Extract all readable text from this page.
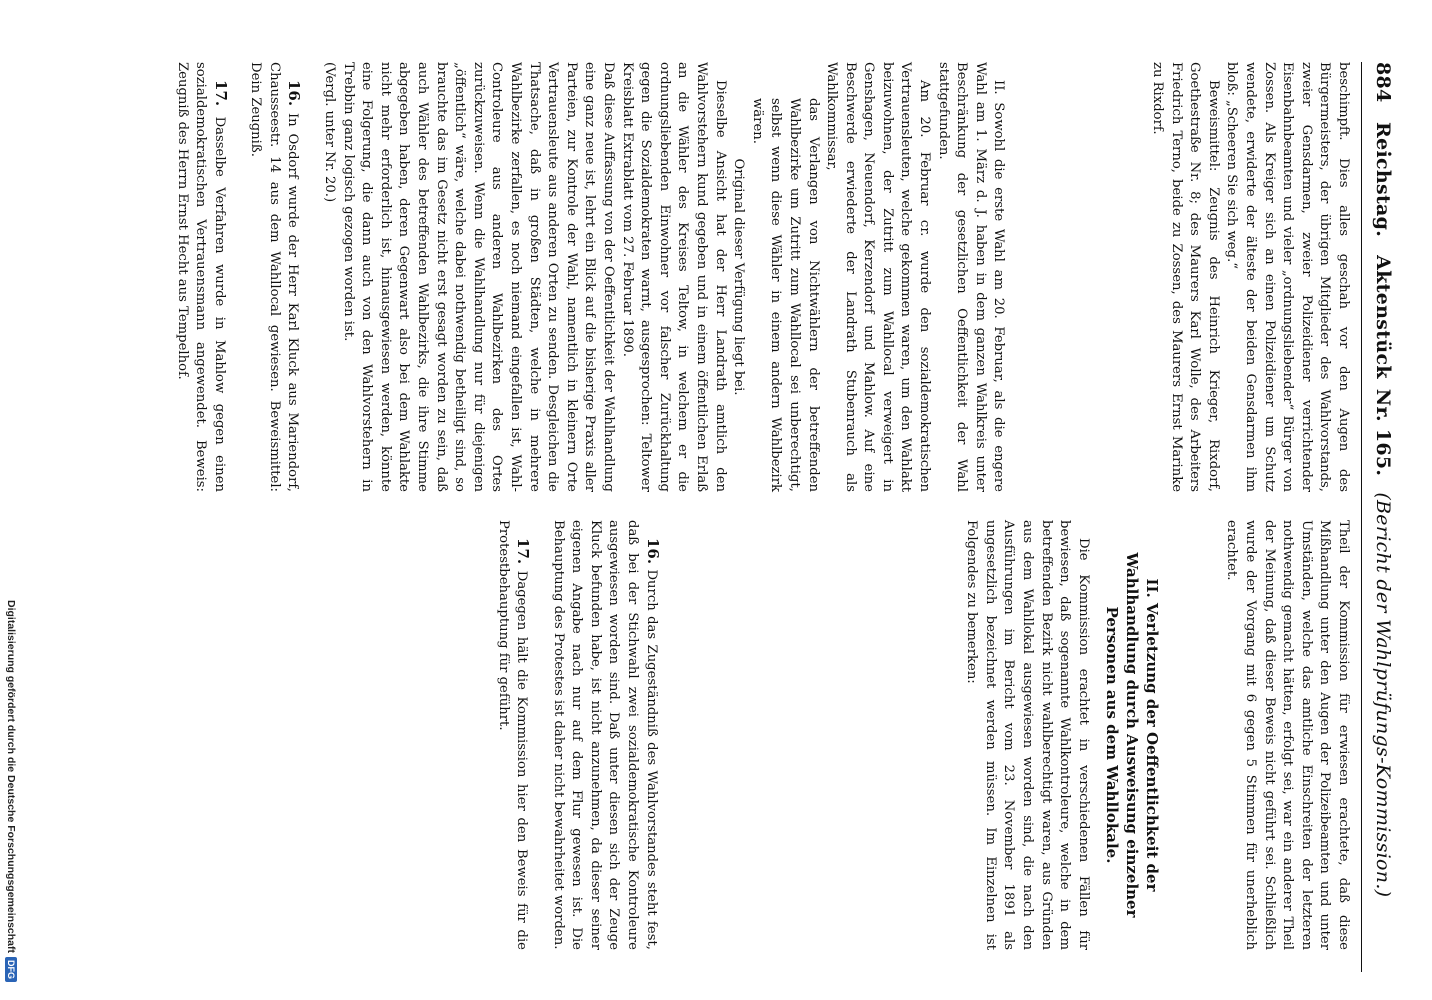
884
Reichstag.
Aktenstück
Nr. 165.
(Bericht der Wahlprüfungs-Kommission.)

beschimpft. Dies alles geschah vor den Augen des Bürgermeisters, der übrigen Mitglieder des Wahlvorstands, zweier Gensdarmen, zweier Polizeidiener verrichtender Eisenbahnbeamten und vieler „ordnungsliebender“ Bürger von Zossen. Als Kreiger sich an einen Polizeidiener um Schutz wendete, erwiderte der älteste der beiden Gensdarmen ihm bloß: „Scheeren Sie sich weg.“

Beweismittel: Zeugnis des Heinrich Krieger, Rixdorf, Goethestraße Nr. 8; des Maurers Karl Wolle, des Arbeiters Friedrich Terno, beide zu Zossen, des Maurers Ernst Marinke zu Rixdorf.

II. Sowohl die erste Wahl am 20. Februar, als die engere Wahl am 1. März d. J. haben in dem ganzen Wahlkreis unter Beschränkung der gesetzlichen Oeffentlichkeit der Wahl stattgefunden.

Am 20. Februar cr. wurde den sozialdemokratischen Vertrauensleuten, welche gekommen waren, um den Wahlakt beizuwohnen, der Zutritt zum Wahllocal verweigert in Genshagen, Neuendorf, Kerzendorf und Mahlow. Auf eine Beschwerde erwiederte der Landrath Stubenrauch als Wahlkommissar,

das Verlangen von Nichtwählern der betreffenden Wahlbezirke um Zutritt zum Wahllocal sei unberechtigt, selbst wenn diese Wähler in einem andern Wahlbezirk wären.

Original dieser Verfügung liegt bei.

Dieselbe Ansicht hat der Herr Landrath amtlich den Wahlvorstehern kund gegeben und in einem öffentlichen Erlaß an die Wähler des Kreises Teltow, in welchem er die ordnungsliebenden Einwohner vor falscher Zurückhaltung gegen die Sozialdemokraten warnt, ausgesprochen: Teltower Kreisblatt Extrablatt vom 27. Februar 1890.

Daß diese Auffassung von der Oeffentlichkeit der Wahlhandlung eine ganz neue ist, lehrt ein Blick auf die bisherige Praxis aller Parteien, zur Kontrole der Wahl, namentlich in kleinern Orte Vertrauensleute aus anderen Orten zu senden. Desgleichen die Thatsache, daß in großen Städten, welche in mehrere Wahlbezirke zerfallen, es noch niemand eingefallen ist, Wahl-Controleure aus anderen Wahlbezirken des Ortes zurückzuweisen. Wenn die Wahlhandlung nur für diejenigen „öffentlich“ wäre, welche dabei nothwendig betheiligt sind, so brauchte das im Gesetz nicht erst gesagt worden zu sein, daß auch Wähler des betreffenden Wahlbezirks, die ihre Stimme abgegeben haben, deren Gegenwart also bei dem Wahlakte nicht mehr erforderlich ist, hinausgewiesen werden, könnte eine Folgerung, die dann auch von den Wahlvorstehern in Trebbin ganz logisch gezogen worden ist.

(Vergl. unter Nr. 20.)

16. In Osdorf wurde der Herr Karl Kluck aus Mariendorf, Chausseestr. 14 aus dem Wahllocal gewiesen. Beweismittel: Dein Zeugniß.

17. Dasselbe Verfahren wurde in Mahlow gegen einen sozialdemokratischen Vertrauensmann angewendet. Beweis: Zeugniß des Herrn Ernst Hecht aus Tempelhof.

Theil der Kommission für erwiesen erachtete, daß diese Mißhandlung unter den Augen der Polizeibeamten und unter Umständen, welche das amtliche Einschreiten der letzteren nothwendig gemacht hätten, erfolgt sei, war ein anderer Theil der Meinung, daß dieser Beweis nicht geführt sei. Schließlich wurde der Vorgang mit 6 gegen 5 Stimmen für unerheblich erachtet.

II. Verletzung der Oeffentlichkeit der Wahlhandlung durch Ausweisung einzelner Personen aus dem Wahllokale.

Die Kommission erachtet in verschiedenen Fällen für bewiesen, daß sogenannte Wahlkontroleure, welche in dem betreffenden Bezirk nicht wahlberechtigt waren, aus Gründen aus dem Wahllokal ausgewiesen worden sind, die nach den Ausführungen im Bericht vom 23. November 1891 als ungesetzlich bezeichnet werden müssen. Im Einzelnen ist Folgendes zu bemerken:

16. Durch das Zugeständniß des Wahlvorstandes steht fest, daß bei der Stichwahl zwei sozialdemokratische Kontroleure ausgewiesen worden sind. Daß unter diesen sich der Zeuge Kluck befunden habe, ist nicht anzunehmen, da dieser seiner eigenen Angabe nach nur auf dem Flur gewesen ist. Die Behauptung des Protestes ist daher nicht bewahrheitet worden.

17. Dagegen hält die Kommission hier den Beweis für die Protestbehauptung für geführt.

Digitalisierung gefördert durch die Deutsche Forschungsgemeinschaft
DFG
